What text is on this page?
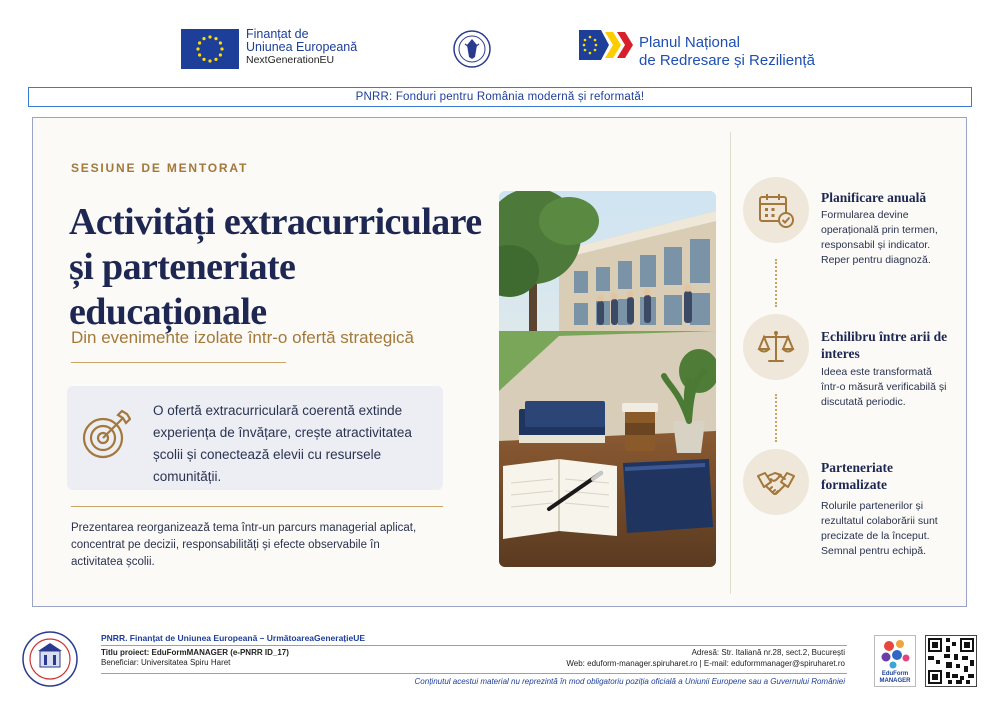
Finanțat de
Uniunea Europeană
NextGenerationEU
Planul Național
de Redresare și Reziliență
PNRR: Fonduri pentru România modernă și reformată!
SESIUNE DE MENTORAT
Activități extracurriculare și parteneriate educaționale
Din evenimente izolate într-o ofertă strategică
O ofertă extracurriculară coerentă extinde experiența de învățare, crește atractivitatea școlii și conectează elevii cu resursele comunității.
Prezentarea reorganizează tema într-un parcurs managerial aplicat, concentrat pe decizii, responsabilități și efecte observabile în activitatea școlii.
Planificare anuală
Formularea devine operațională prin termen, responsabil și indicator. Reper pentru diagnoză.
Echilibru între arii de interes
Ideea este transformată într-o măsură verificabilă și discutată periodic.
Parteneriate formalizate
Rolurile partenerilor și rezultatul colaborării sunt precizate de la început. Semnal pentru echipă.
PNRR. Finanțat de Uniunea Europeană – UrmătoareaGenerațieUE
Titlu proiect: EduFormMANAGER (e-PNRR ID_17)
Beneficiar: Universitatea Spiru Haret
Adresă: Str. Italiană nr.28, sect.2, București
Web: eduform-manager.spiruharet.ro | E-mail: eduformmanager@spiruharet.ro
Conținutul acestui material nu reprezintă în mod obligatoriu poziția oficială a Uniunii Europene sau a Guvernului României
EduForm
MANAGER
